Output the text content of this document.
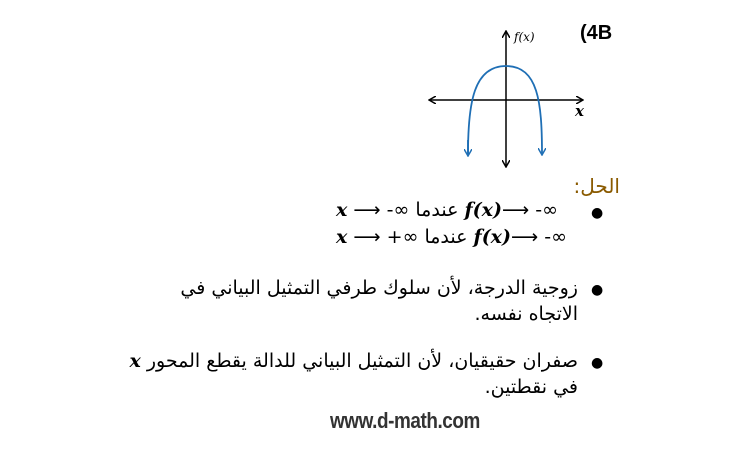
(4B
f(x)
x
الحل:
●
x ⟶ -∞ عندما f(x)⟶ -∞
x ⟶ +∞ عندما f(x)⟶ -∞
●
زوجية الدرجة، لأن سلوك طرفي التمثيل البياني في
الاتجاه نفسه.
●
صفران حقيقيان، لأن التمثيل البياني للدالة يقطع المحور x
في نقطتين.
www.d-math.com
